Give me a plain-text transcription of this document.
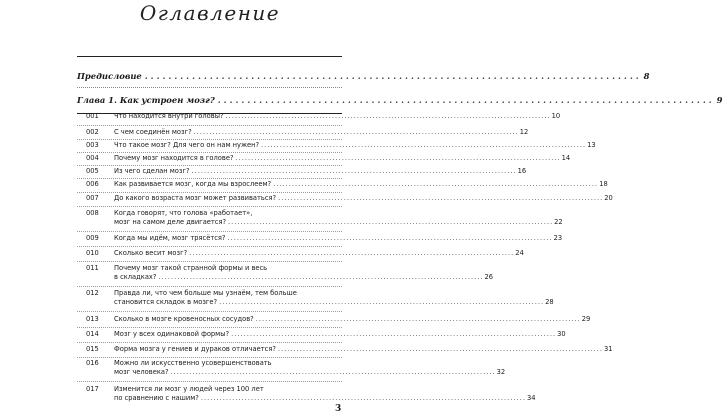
Оглавление
Предисловие .................................................................................... 8
Глава 1. Как устроен мозг? .................................................................................... 9
001 Что находится внутри головы? ........................................................................................................ 10
002 С чем соединён мозг? ........................................................................................................ 12
003 Что такое мозг? Для чего он нам нужен? ........................................................................................................ 13
004 Почему мозг находится в голове? ........................................................................................................ 14
005 Из чего сделан мозг? ........................................................................................................ 16
006 Как развивается мозг, когда мы взрослеем? ........................................................................................................ 18
007 До какого возраста мозг может развиваться? ........................................................................................................ 20
008 Когда говорят, что голова «работает»,
мозг на самом деле двигается? ........................................................................................................ 22
009 Когда мы идём, мозг трясётся? ........................................................................................................ 23
010 Сколько весит мозг? ........................................................................................................ 24
011 Почему мозг такой странной формы и весь
в складках? ........................................................................................................ 26
012 Правда ли, что чем больше мы узнаём, тем больше
становится складок в мозге? ........................................................................................................ 28
013 Сколько в мозге кровеносных сосудов? ........................................................................................................ 29
014 Мозг у всех одинаковой формы? ........................................................................................................ 30
015 Форма мозга у гениев и дураков отличается? ........................................................................................................ 31
016 Можно ли искусственно усовершенствовать
мозг человека? ........................................................................................................ 32
017 Изменится ли мозг у людей через 100 лет
по сравнению с нашим? ........................................................................................................ 34
3
